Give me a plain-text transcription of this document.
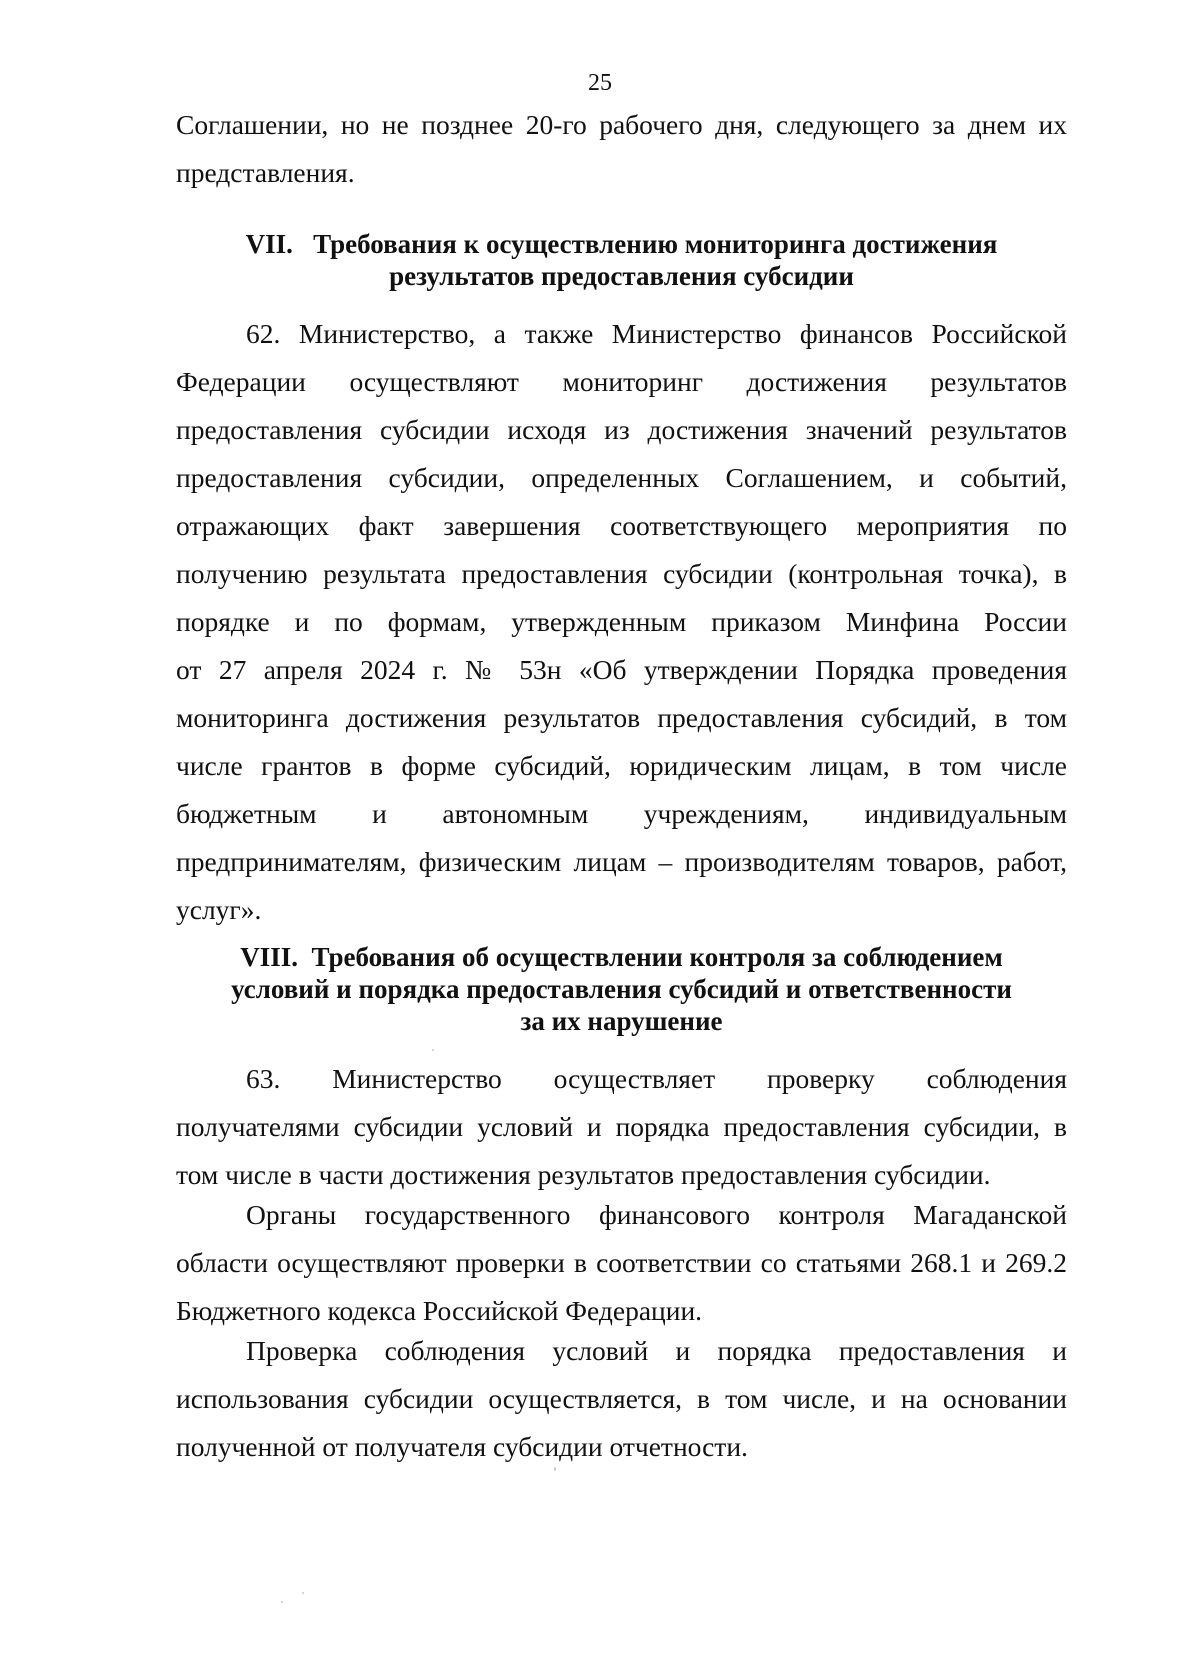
25
Соглашении, но не позднее 20-го рабочего дня, следующего за днем их
представления.
VII.   Требования к осуществлению мониторинга достижения
результатов предоставления субсидии
62. Министерство, а также Министерство финансов Российской
Федерации осуществляют мониторинг достижения результатов
предоставления субсидии исходя из достижения значений результатов
предоставления субсидии, определенных Соглашением, и событий,
отражающих факт завершения соответствующего мероприятия по
получению результата предоставления субсидии (контрольная точка), в
порядке и по формам, утвержденным приказом Минфина России
от 27 апреля 2024 г. № 53н «Об утверждении Порядка проведения
мониторинга достижения результатов предоставления субсидий, в том
числе грантов в форме субсидий, юридическим лицам, в том числе
бюджетным и автономным учреждениям, индивидуальным
предпринимателям, физическим лицам – производителям товаров, работ,
услуг».
VIII.  Требования об осуществлении контроля за соблюдением
условий и порядка предоставления субсидий и ответственности
за их нарушение
63. Министерство осуществляет проверку соблюдения
получателями субсидии условий и порядка предоставления субсидии, в
том числе в части достижения результатов предоставления субсидии.
Органы государственного финансового контроля Магаданской
области осуществляют проверки в соответствии со статьями 268.1 и 269.2
Бюджетного кодекса Российской Федерации.
Проверка соблюдения условий и порядка предоставления и
использования субсидии осуществляется, в том числе, и на основании
полученной от получателя субсидии отчетности.
